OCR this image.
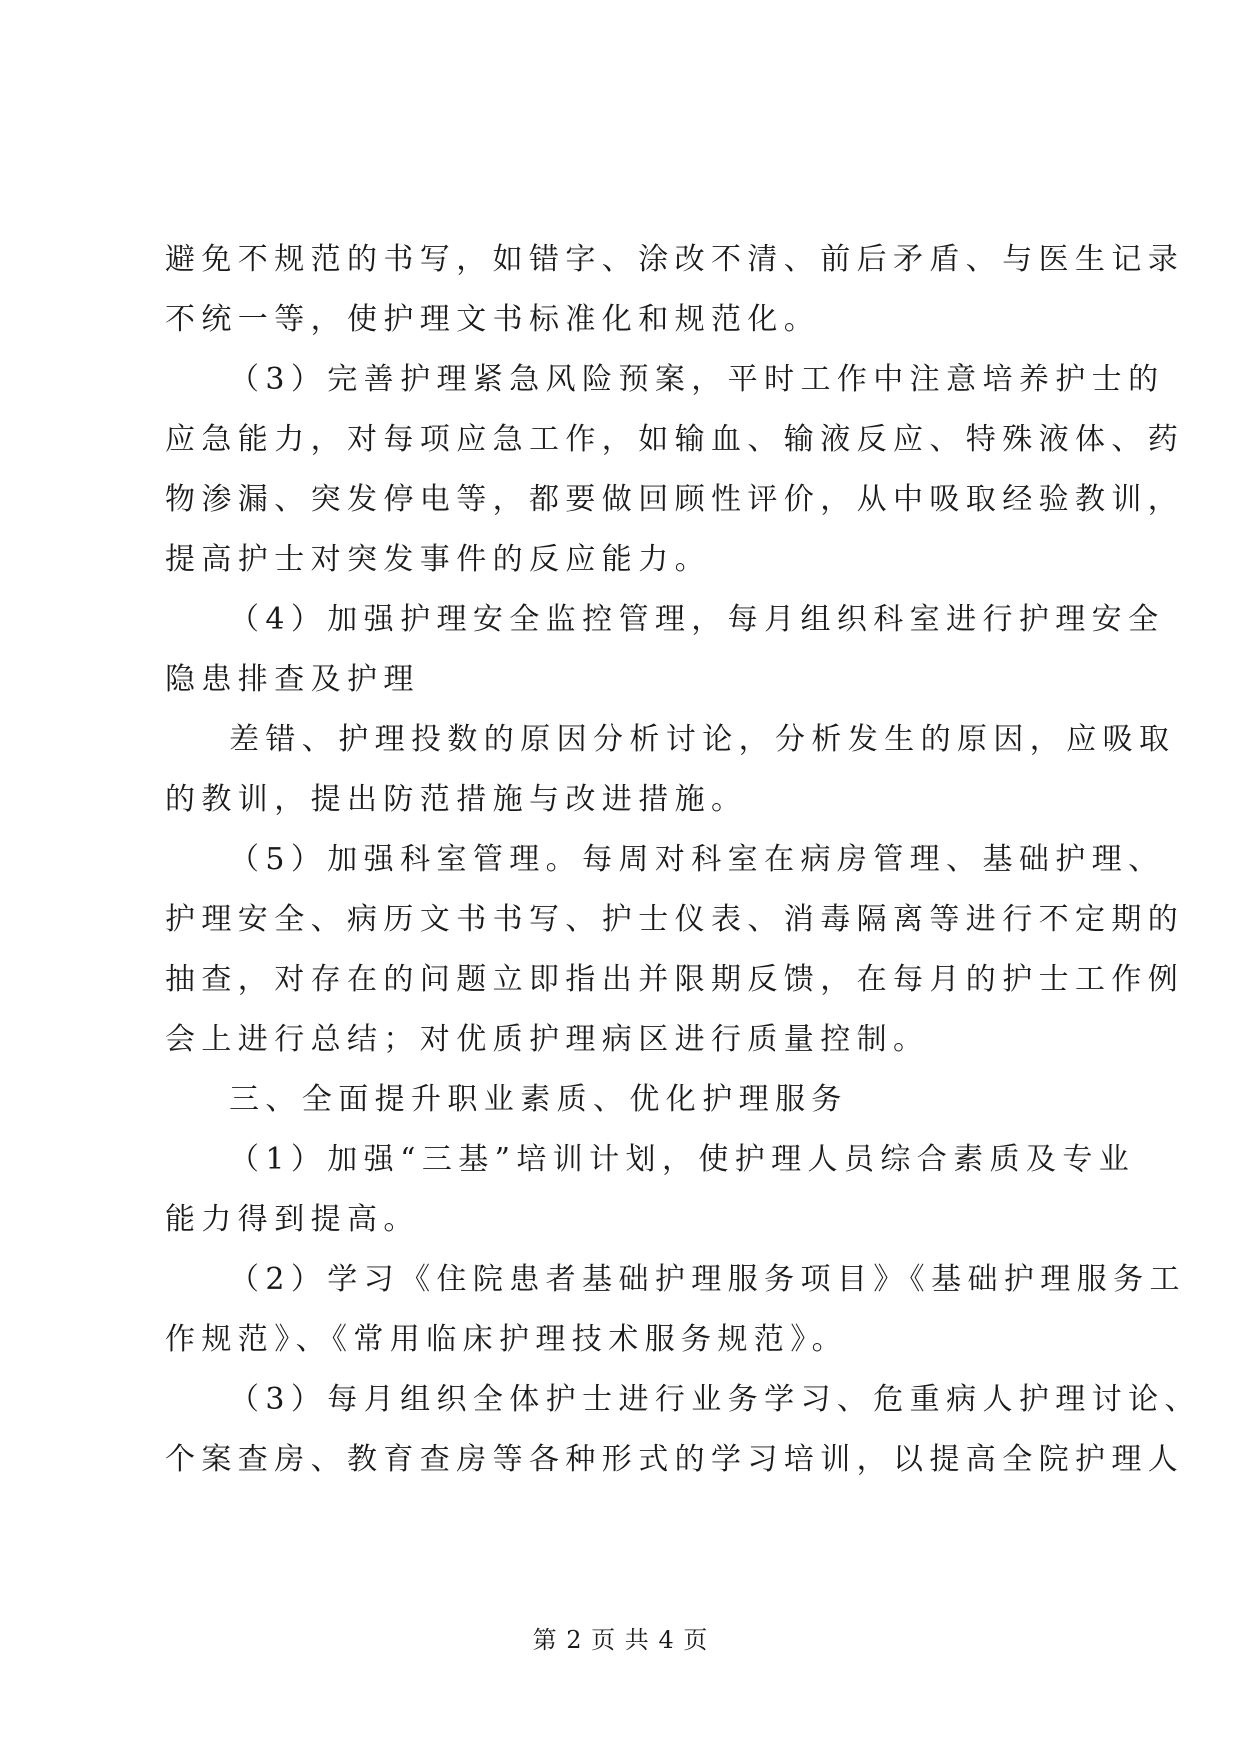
避免不规范的书写，如错字、涂改不清、前后矛盾、与医生记录
不统一等，使护理文书标准化和规范化。
（3）完善护理紧急风险预案，平时工作中注意培养护士的
应急能力，对每项应急工作，如输血、输液反应、特殊液体、药
物渗漏、突发停电等，都要做回顾性评价，从中吸取经验教训，
提高护士对突发事件的反应能力。
（4）加强护理安全监控管理，每月组织科室进行护理安全
隐患排查及护理
差错、护理投数的原因分析讨论，分析发生的原因，应吸取
的教训，提出防范措施与改进措施。
（5）加强科室管理。每周对科室在病房管理、基础护理、
护理安全、病历文书书写、护士仪表、消毒隔离等进行不定期的
抽查，对存在的问题立即指出并限期反馈，在每月的护士工作例
会上进行总结；对优质护理病区进行质量控制。
三、全面提升职业素质、优化护理服务
（1）加强“三基”培训计划，使护理人员综合素质及专业
能力得到提高。
（2）学习《住院患者基础护理服务项目》《基础护理服务工
作规范》、《常用临床护理技术服务规范》。
（3）每月组织全体护士进行业务学习、危重病人护理讨论、
个案查房、教育查房等各种形式的学习培训，以提高全院护理人
第 2 页 共 4 页
